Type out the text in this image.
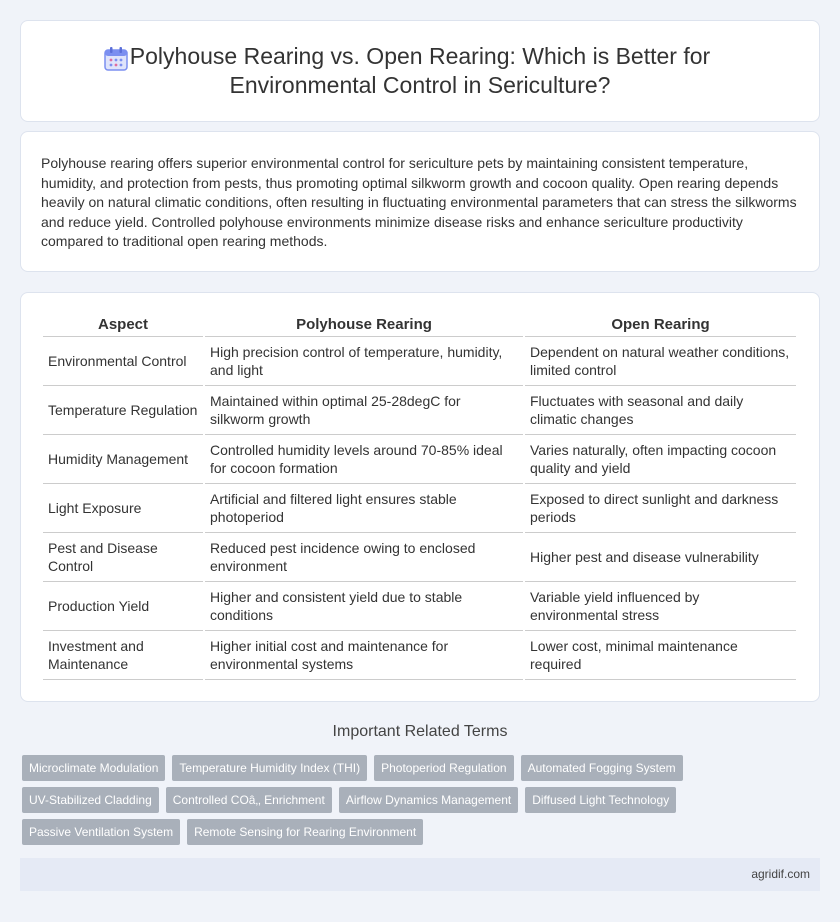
Polyhouse Rearing vs. Open Rearing: Which is Better for Environmental Control in Sericulture?

Polyhouse rearing offers superior environmental control for sericulture pets by maintaining consistent temperature, humidity, and protection from pests, thus promoting optimal silkworm growth and cocoon quality. Open rearing depends heavily on natural climatic conditions, often resulting in fluctuating environmental parameters that can stress the silkworms and reduce yield. Controlled polyhouse environments minimize disease risks and enhance sericulture productivity compared to traditional open rearing methods.

Aspect	Polyhouse Rearing	Open Rearing
Environmental Control	High precision control of temperature, humidity, and light	Dependent on natural weather conditions, limited control
Temperature Regulation	Maintained within optimal 25-28degC for silkworm growth	Fluctuates with seasonal and daily climatic changes
Humidity Management	Controlled humidity levels around 70-85% ideal for cocoon formation	Varies naturally, often impacting cocoon quality and yield
Light Exposure	Artificial and filtered light ensures stable photoperiod	Exposed to direct sunlight and darkness periods
Pest and Disease Control	Reduced pest incidence owing to enclosed environment	Higher pest and disease vulnerability
Production Yield	Higher and consistent yield due to stable conditions	Variable yield influenced by environmental stress
Investment and Maintenance	Higher initial cost and maintenance for environmental systems	Lower cost, minimal maintenance required
Important Related Terms
Microclimate Modulation	Temperature Humidity Index (THI)	Photoperiod Regulation	Automated Fogging System
UV-Stabilized Cladding	Controlled COâ‚‚ Enrichment	Airflow Dynamics Management	Diffused Light Technology
Passive Ventilation System	Remote Sensing for Rearing Environment
agridif.com
